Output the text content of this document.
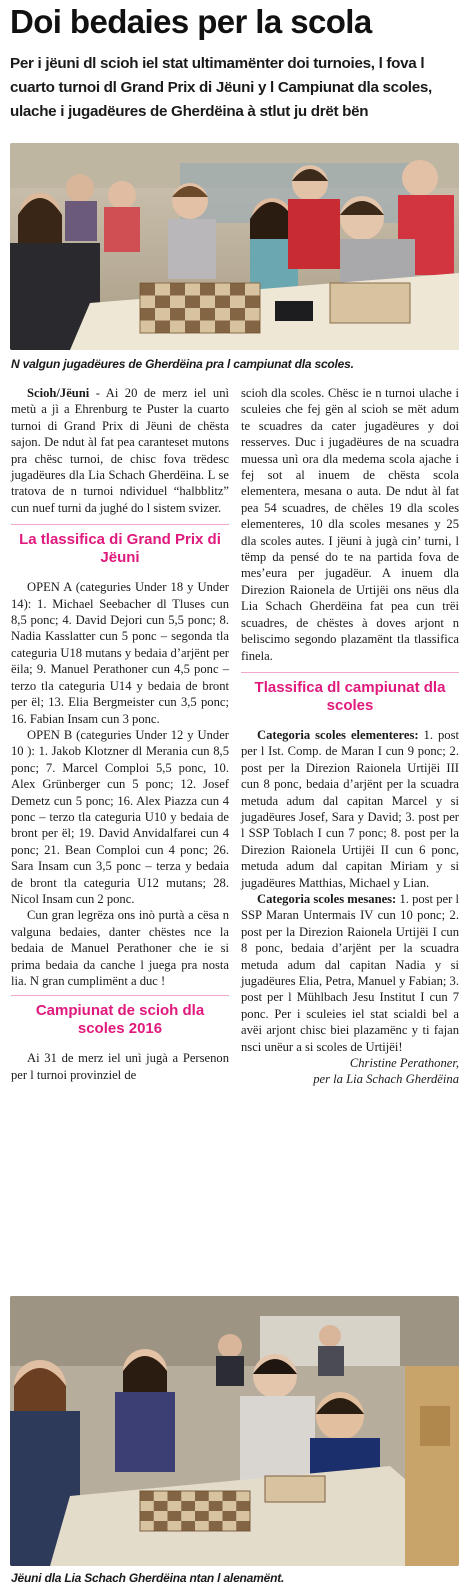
Doi bedaies per la scola
Per i jëuni dl scioh iel stat ultimamënter doi turnoies, l fova l cuarto turnoi dl Grand Prix di Jëuni y l Campiunat dla scoles, ulache i jugadëures de Gherdëina à stlut ju drët bën
N valgun jugadëures de Gherdëina pra l campiunat dla scoles.

Scioh/Jëuni - Ai 20 de merz iel unì metù a jì a Ehrenburg te Puster la cuarto turnoi di Grand Prix di Jëuni de chësta sajon. De ndut àl fat pea caranteset mutons pra chësc turnoi, de chisc fova trëdesc jugadëures dla Lia Schach Gherdëina. L se tratova de n turnoi ndividuel “halbblitz” cun nuef turni da jughé do l sistem svizer.

La tlassifica di Grand Prix di Jëuni

OPEN A (categuries Under 18 y Under 14): 1. Michael Seebacher dl Tluses cun 8,5 ponc; 4. David Dejori cun 5,5 ponc; 8. Nadia Kasslatter cun 5 ponc – segonda tla categuria U18 mutans y bedaia d’arjënt per ëila; 9. Manuel Perathoner cun 4,5 ponc – terzo tla categuria U14 y bedaia de bront per ël; 13. Elia Bergmeister cun 3,5 ponc; 16. Fabian Insam cun 3 ponc.

OPEN B (categuries Under 12 y Under 10 ): 1. Jakob Klotzner dl Merania cun 8,5 ponc; 7. Marcel Comploi 5,5 ponc, 10. Alex Grünberger cun 5 ponc; 12. Josef Demetz cun 5 ponc; 16. Alex Piazza cun 4 ponc – terzo tla categuria U10 y bedaia de bront per ël; 19. David Anvidalfarei cun 4 ponc; 21. Bean Comploi cun 4 ponc; 26. Sara Insam cun 3,5 ponc – terza y bedaia de bront tla categuria U12 mutans; 28. Nicol Insam cun 2 ponc.

Cun gran legrëza ons inò purtà a cësa n valguna bedaies, danter chëstes nce la bedaia de Manuel Perathoner che ie si prima bedaia da canche l juega pra nosta lia. N gran cumplimënt a duc !

Campiunat de scioh dla scoles 2016

Ai 31 de merz iel unì jugà a Persenon per l turnoi provinziel de

scioh dla scoles. Chësc ie n turnoi ulache i sculeies che fej gën al scioh se mët adum te scuadres da cater jugadëures y doi resserves. Duc i jugadëures de na scuadra muessa unì ora dla medema scola ajache i fej sot al inuem de chësta scola elementera, mesana o auta. De ndut àl fat pea 54 scuadres, de chëles 19 dla scoles elementeres, 10 dla scoles mesanes y 25 dla scoles autes. I jëuni à jugà cin’ turni, l tëmp da pensé do te na partida fova de mes’eura per jugadëur. A inuem dla Direzion Raionela de Urtijëi ons nëus dla Lia Schach Gherdëina fat pea cun trëi scuadres, de chëstes à doves arjont n beliscimo segondo plazamënt tla tlassifica finela.

Tlassifica dl campiunat dla scoles

Categoria scoles elementeres: 1. post per l Ist. Comp. de Maran I cun 9 ponc; 2. post per la Direzion Raionela Urtijëi III cun 8 ponc, bedaia d’arjënt per la scuadra metuda adum dal capitan Marcel y si jugadëures Josef, Sara y David; 3. post per l SSP Toblach I cun 7 ponc; 8. post per la Direzion Raionela Urtijëi II cun 6 ponc, metuda adum dal capitan Miriam y si jugadëures Matthias, Michael y Lian.

Categoria scoles mesanes: 1. post per l SSP Maran Untermais IV cun 10 ponc; 2. post per la Direzion Raionela Urtijëi I cun 8 ponc, bedaia d’arjënt per la scuadra metuda adum dal capitan Nadia y si jugadëures Elia, Petra, Manuel y Fabian; 3. post per l Mühlbach Jesu Institut I cun 7 ponc. Per i sculeies iel stat scialdi bel a avëi arjont chisc biei plazamënc y ti fajan nsci unëur a si scoles de Urtijëi!

Christine Perathoner,

per la Lia Schach Gherdëina

Jëuni dla Lia Schach Gherdëina ntan l alenamënt.
